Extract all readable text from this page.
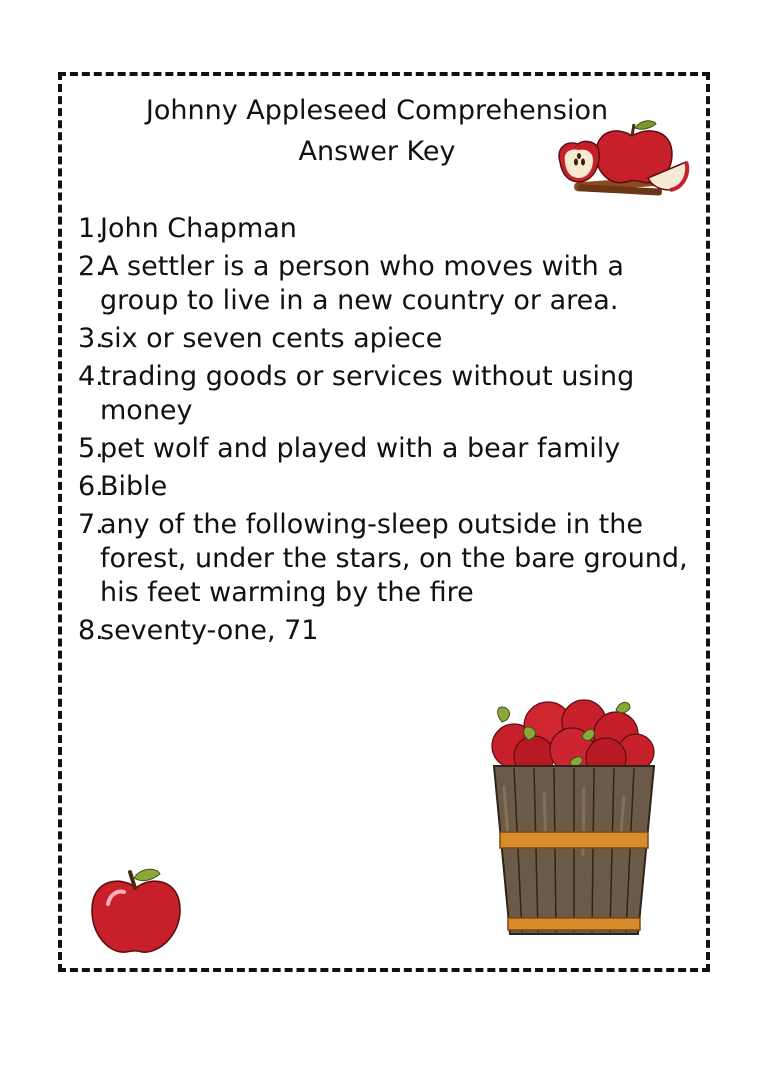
Johnny Appleseed Comprehension
Answer Key
1.
John Chapman
2.
A settler is a person who moves with a group to live in a new country or area.
3.
six or seven cents apiece
4.
trading goods or services without using money
5.
pet wolf and played with a bear family
6.
Bible
7.
any of the following-sleep outside in the forest, under the stars, on the bare ground, his feet warming by the fire
8.
seventy-one, 71
